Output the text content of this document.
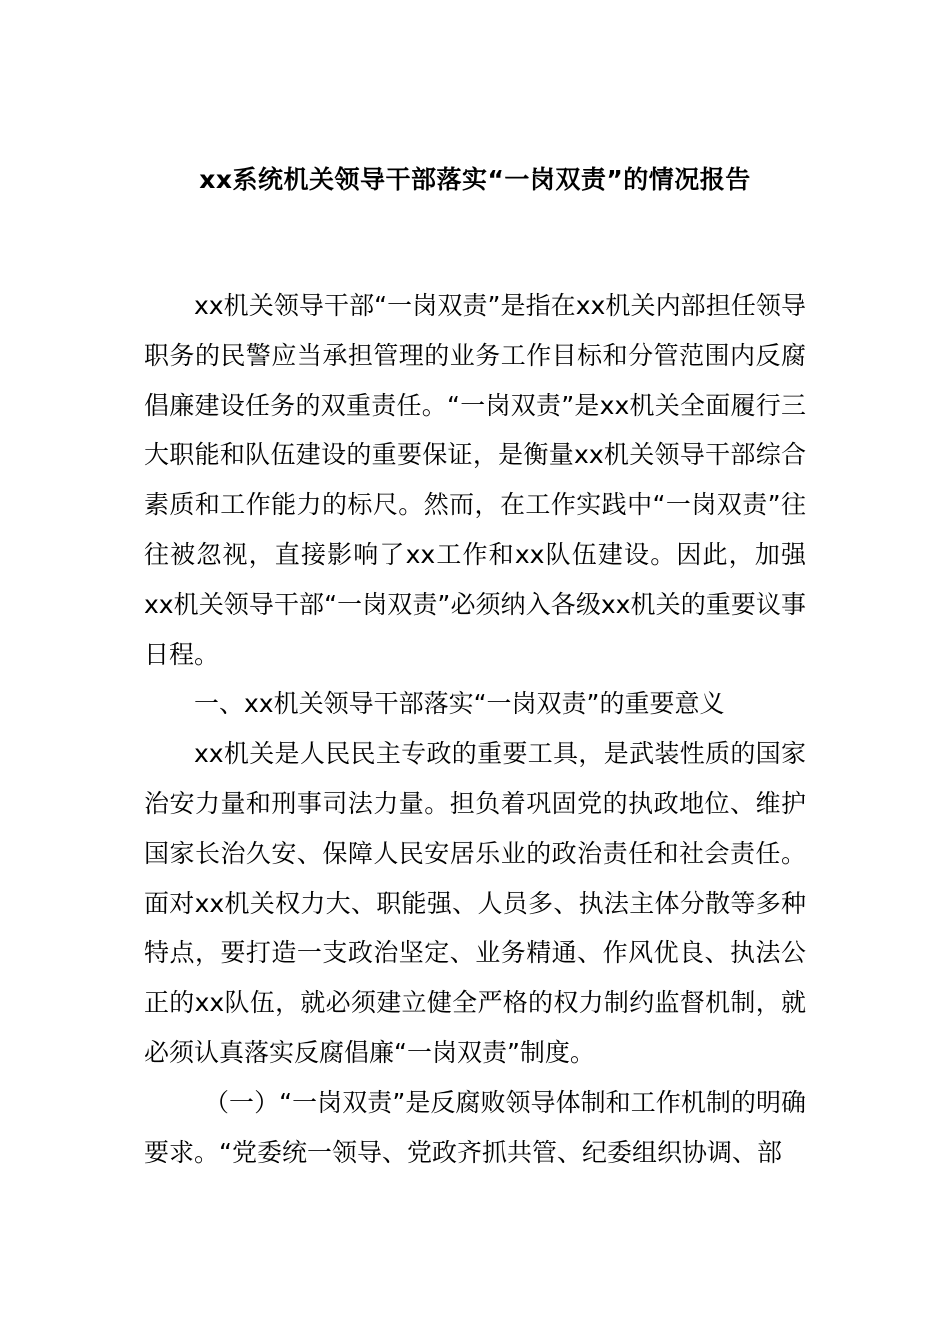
xx系统机关领导干部落实“一岗双责”的情况报告

xx机关领导干部“一岗双责”是指在xx机关内部担任领导职务的民警应当承担管理的业务工作目标和分管范围内反腐倡廉建设任务的双重责任。“一岗双责”是xx机关全面履行三大职能和队伍建设的重要保证，是衡量xx机关领导干部综合素质和工作能力的标尺。然而，在工作实践中“一岗双责”往往被忽视，直接影响了xx工作和xx队伍建设。因此，加强xx机关领导干部“一岗双责”必须纳入各级xx机关的重要议事日程。

一、xx机关领导干部落实“一岗双责”的重要意义

xx机关是人民民主专政的重要工具，是武装性质的国家治安力量和刑事司法力量。担负着巩固党的执政地位、维护国家长治久安、保障人民安居乐业的政治责任和社会责任。面对xx机关权力大、职能强、人员多、执法主体分散等多种特点，要打造一支政治坚定、业务精通、作风优良、执法公正的xx队伍，就必须建立健全严格的权力制约监督机制，就必须认真落实反腐倡廉“一岗双责”制度。

（一）“一岗双责”是反腐败领导体制和工作机制的明确要求。“党委统一领导、党政齐抓共管、纪委组织协调、部
